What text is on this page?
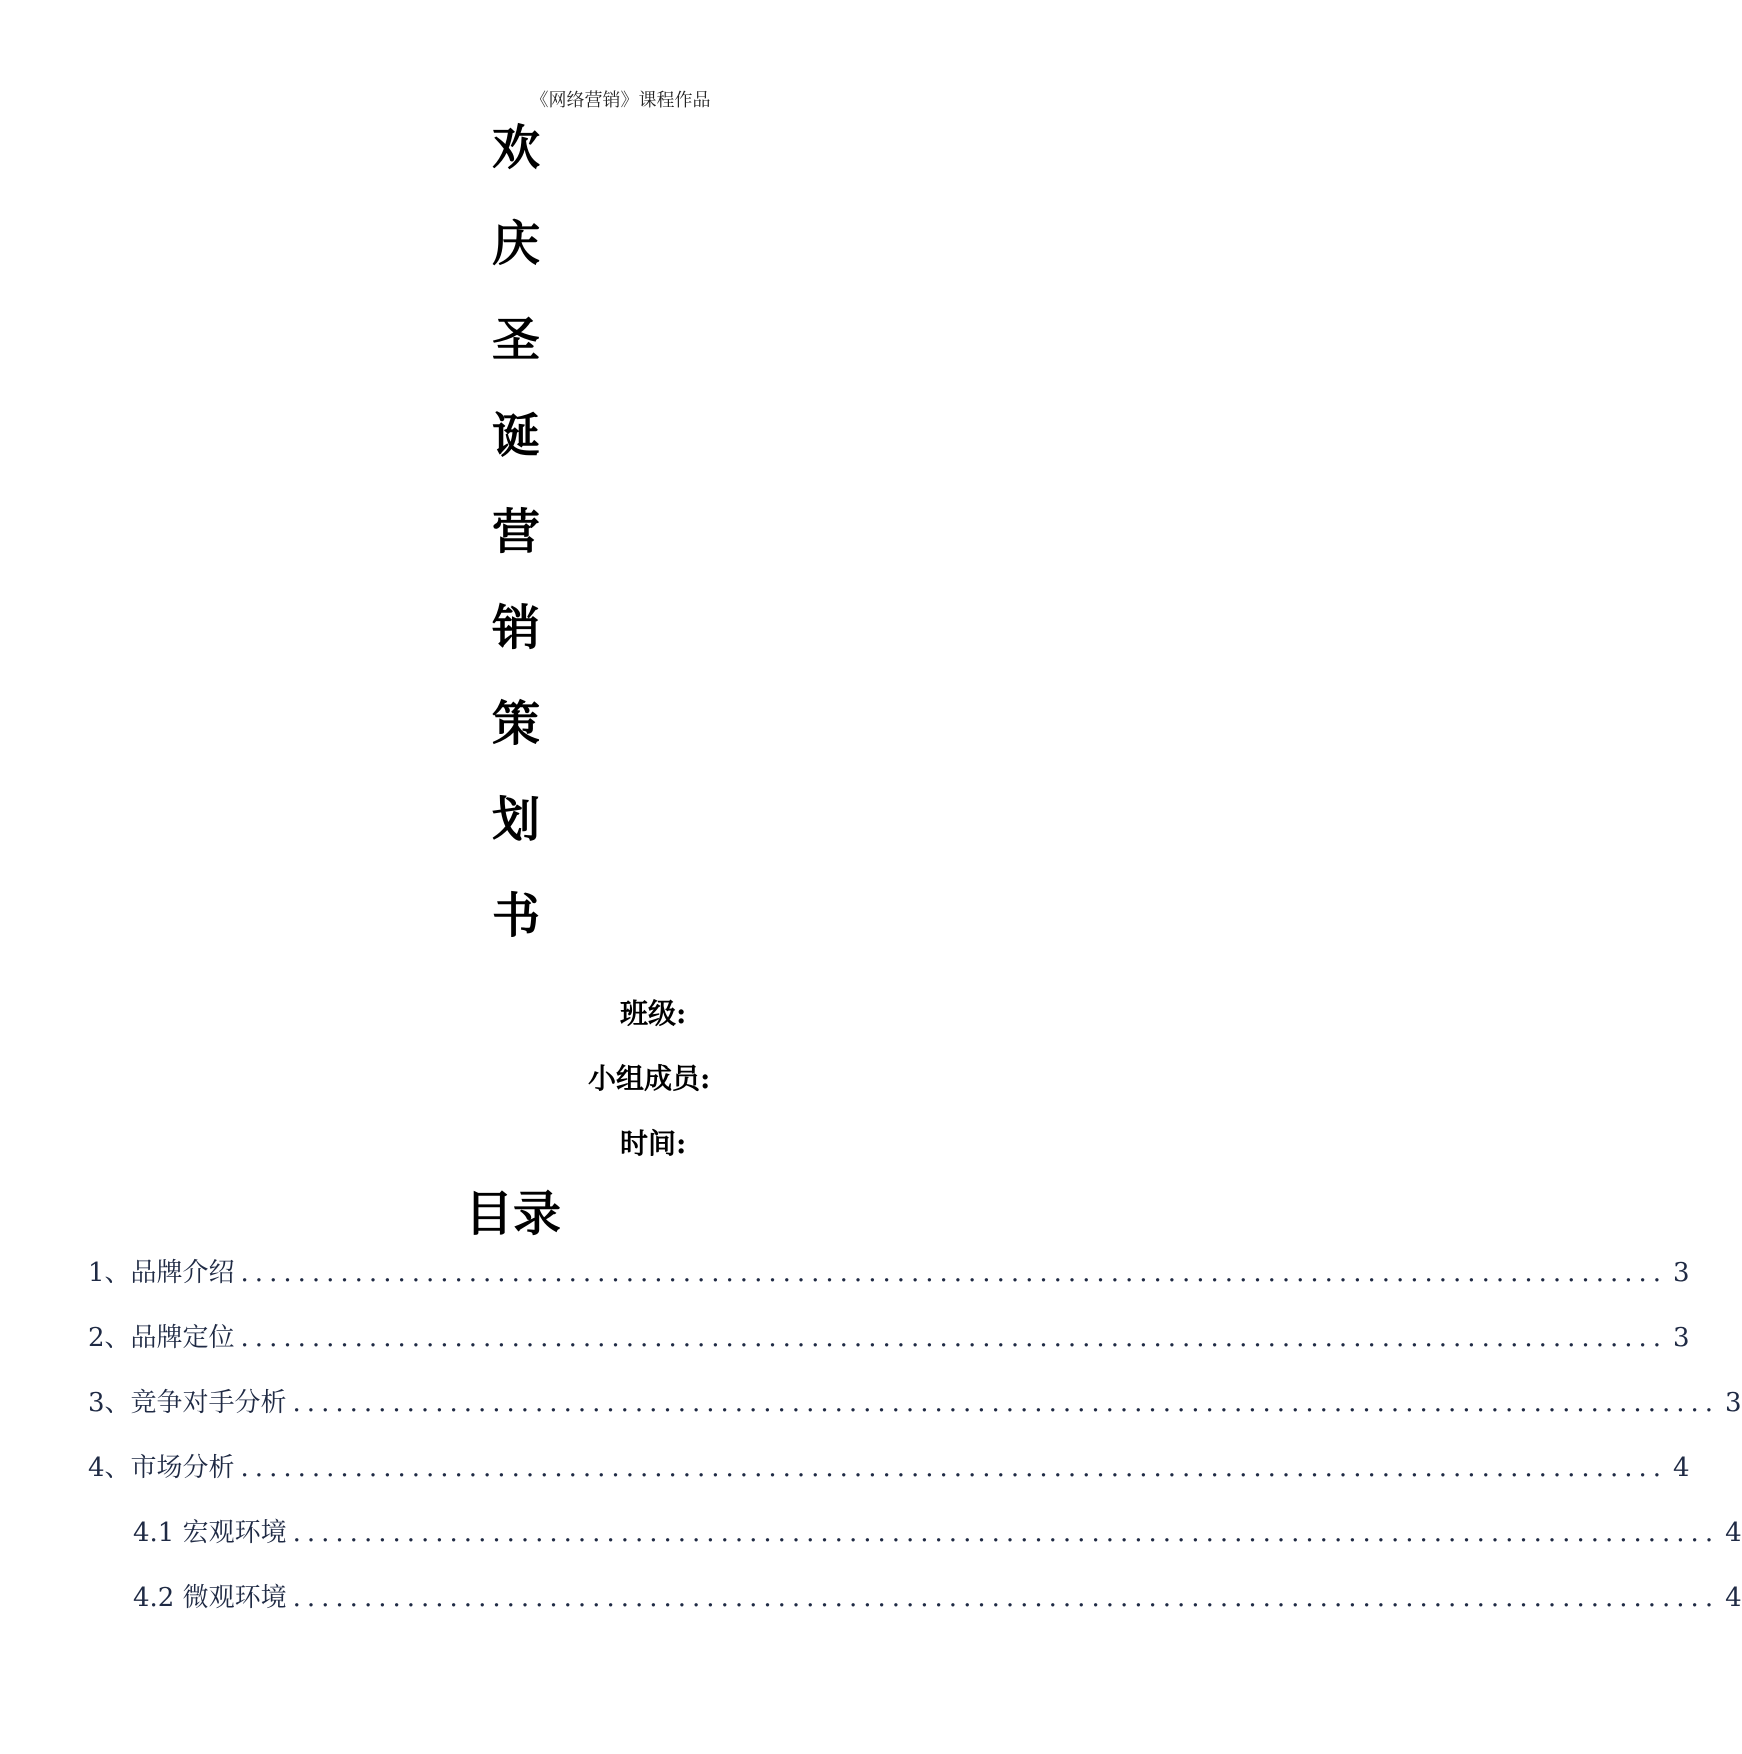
《网络营销》课程作品
欢
庆
圣
诞
营
销
策
划
书
班级:
小组成员:
时间:
目录
1、品牌介绍 .................................................................................................... 3
2、品牌定位 .................................................................................................... 3
3、竞争对手分析 .................................................................................................... 3
4、市场分析 .................................................................................................... 4
4.1 宏观环境 .................................................................................................... 4
4.2 微观环境 .................................................................................................... 4
